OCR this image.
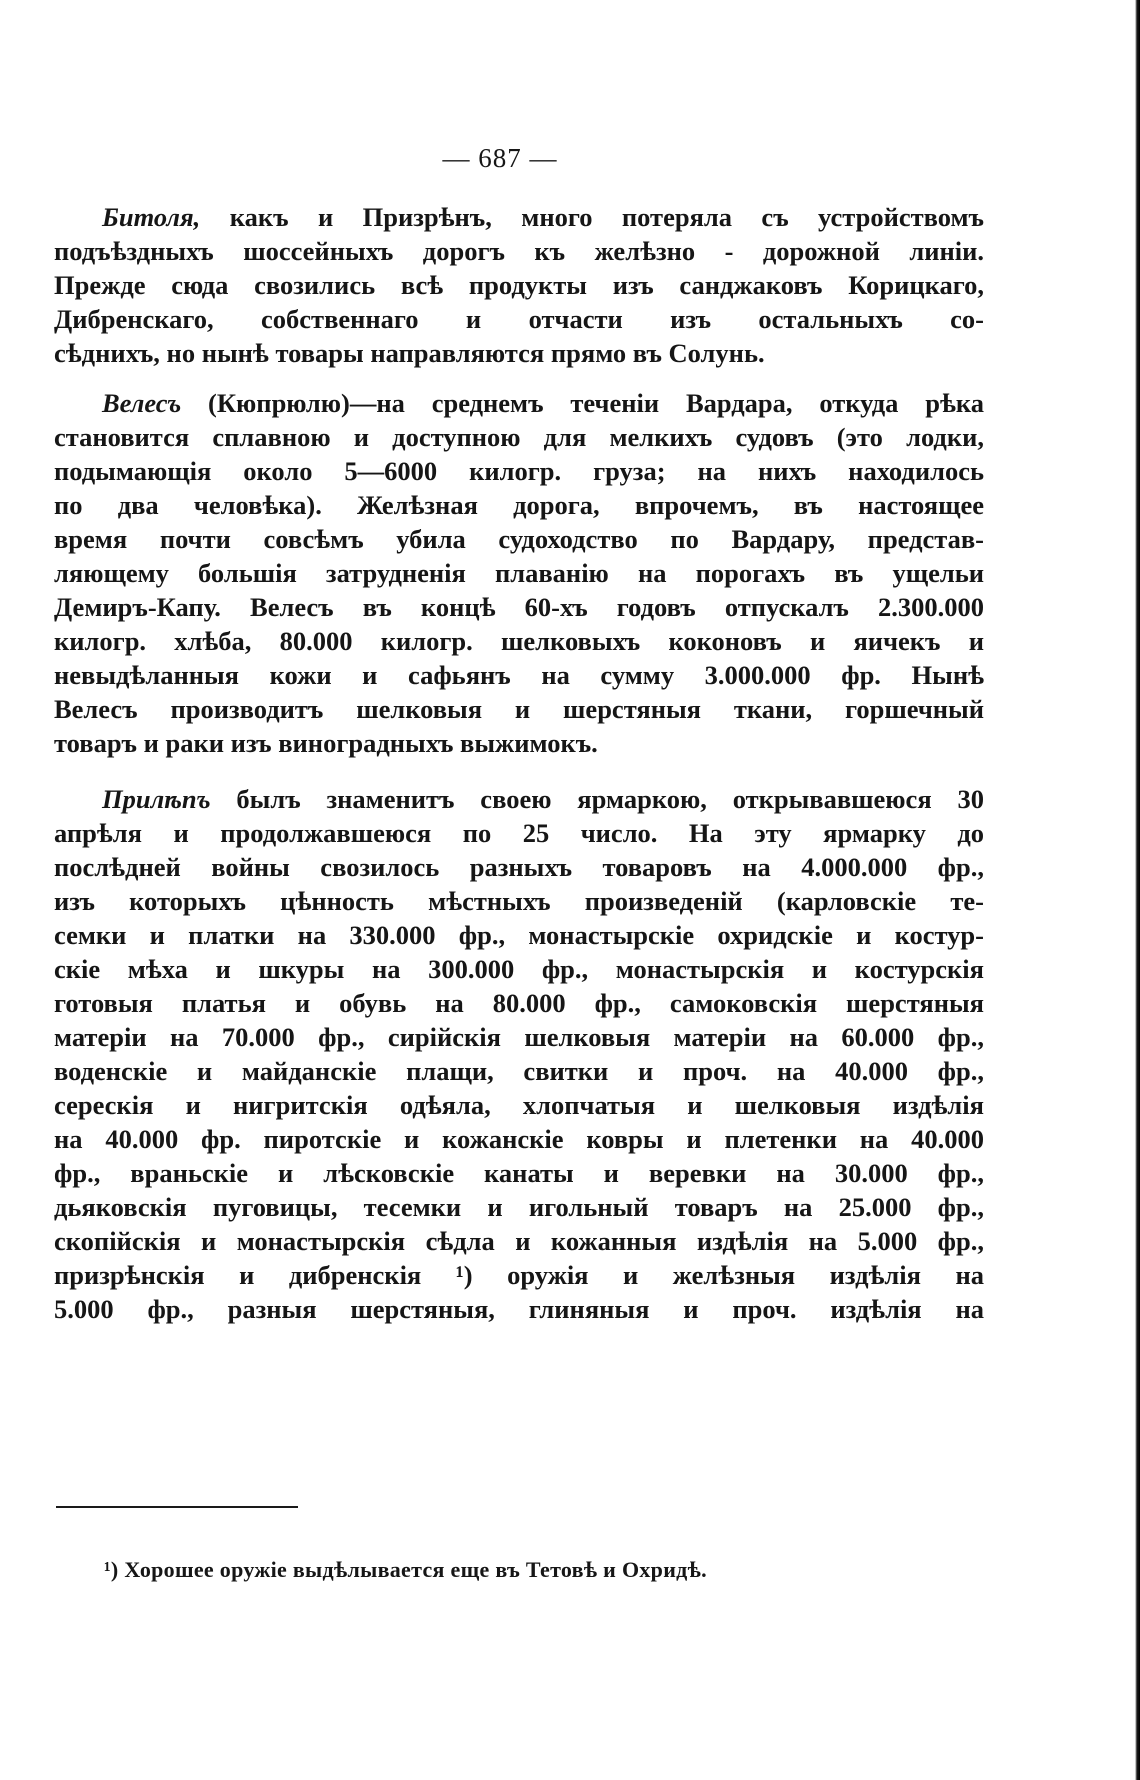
— 687 —
Битоля, какъ и Призрѣнъ, много потеряла съ устройствомъ
подъѣздныхъ шоссейныхъ дорогъ къ желѣзно - дорожной линіи.
Прежде сюда свозились всѣ продукты изъ санджаковъ Корицкаго,
Дибренскаго, собственнаго и отчасти изъ остальныхъ со-
сѣднихъ, но нынѣ товары направляются прямо въ Солунь.
Велесъ (Кюпрюлю)—на среднемъ теченіи Вардара, откуда рѣка
становится сплавною и доступною для мелкихъ судовъ (это лодки,
подымающія около 5—6000 килогр. груза; на нихъ находилось
по два человѣка). Желѣзная дорога, впрочемъ, въ настоящее
время почти совсѣмъ убила судоходство по Вардару, представ-
ляющему большія затрудненія плаванію на порогахъ въ ущельи
Демиръ-Капу. Велесъ въ концѣ 60-хъ годовъ отпускалъ 2.300.000
килогр. хлѣба, 80.000 килогр. шелковыхъ коконовъ и яичекъ и
невыдѣланныя кожи и сафьянъ на сумму 3.000.000 фр. Нынѣ
Велесъ производитъ шелковыя и шерстяныя ткани, горшечный
товаръ и раки изъ виноградныхъ выжимокъ.
Прилѣпъ былъ знаменитъ своею ярмаркою, открывавшеюся 30
апрѣля и продолжавшеюся по 25 число. На эту ярмарку до
послѣдней войны свозилось разныхъ товаровъ на 4.000.000 фр.,
изъ которыхъ цѣнность мѣстныхъ произведеній (карловскіе те-
семки и платки на 330.000 фр., монастырскіе охридскіе и костур-
скіе мѣха и шкуры на 300.000 фр., монастырскія и костурскія
готовыя платья и обувь на 80.000 фр., самоковскія шерстяныя
матеріи на 70.000 фр., сирійскія шелковыя матеріи на 60.000 фр.,
воденскіе и майданскіе плащи, свитки и проч. на 40.000 фр.,
серескія и нигритскія одѣяла, хлопчатыя и шелковыя издѣлія
на 40.000 фр. пиротскіе и кожанскіе ковры и плетенки на 40.000
фр., враньскіе и лѣсковскіе канаты и веревки на 30.000 фр.,
дьяковскія пуговицы, тесемки и игольный товаръ на 25.000 фр.,
скопійскія и монастырскія сѣдла и кожанныя издѣлія на 5.000 фр.,
призрѣнскія и дибренскія ¹) оружія и желѣзныя издѣлія на
5.000 фр., разныя шерстяныя, глиняныя и проч. издѣлія на
¹) Хорошее оружіе выдѣлывается еще въ Тетовѣ и Охридѣ.
